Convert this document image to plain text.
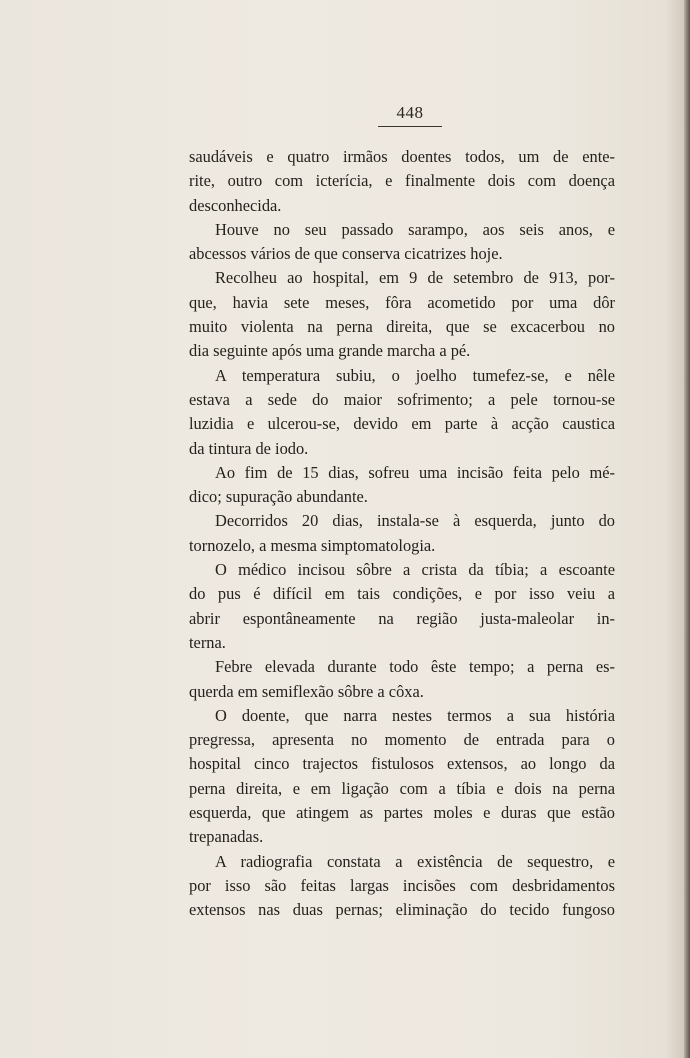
448
saudáveis e quatro irmãos doentes todos, um de ente-
rite, outro com icterícia, e finalmente dois com doença
desconhecida.
Houve no seu passado sarampo, aos seis anos, e
abcessos vários de que conserva cicatrizes hoje.
Recolheu ao hospital, em 9 de setembro de 913, por-
que, havia sete meses, fôra acometido por uma dôr
muito violenta na perna direita, que se excacerbou no
dia seguinte após uma grande marcha a pé.
A temperatura subiu, o joelho tumefez-se, e nêle
estava a sede do maior sofrimento; a pele tornou-se
luzidia e ulcerou-se, devido em parte à acção caustica
da tintura de iodo.
Ao fim de 15 dias, sofreu uma incisão feita pelo mé-
dico; supuração abundante.
Decorridos 20 dias, instala-se à esquerda, junto do
tornozelo, a mesma simptomatologia.
O médico incisou sôbre a crista da tíbia; a escoante
do pus é difícil em tais condições, e por isso veiu a
abrir espontâneamente na região justa-maleolar in-
terna.
Febre elevada durante todo êste tempo; a perna es-
querda em semiflexão sôbre a côxa.
O doente, que narra nestes termos a sua história
pregressa, apresenta no momento de entrada para o
hospital cinco trajectos fistulosos extensos, ao longo da
perna direita, e em ligação com a tíbia e dois na perna
esquerda, que atingem as partes moles e duras que estão
trepanadas.
A radiografia constata a existência de sequestro, e
por isso são feitas largas incisões com desbridamentos
extensos nas duas pernas; eliminação do tecido fungoso
